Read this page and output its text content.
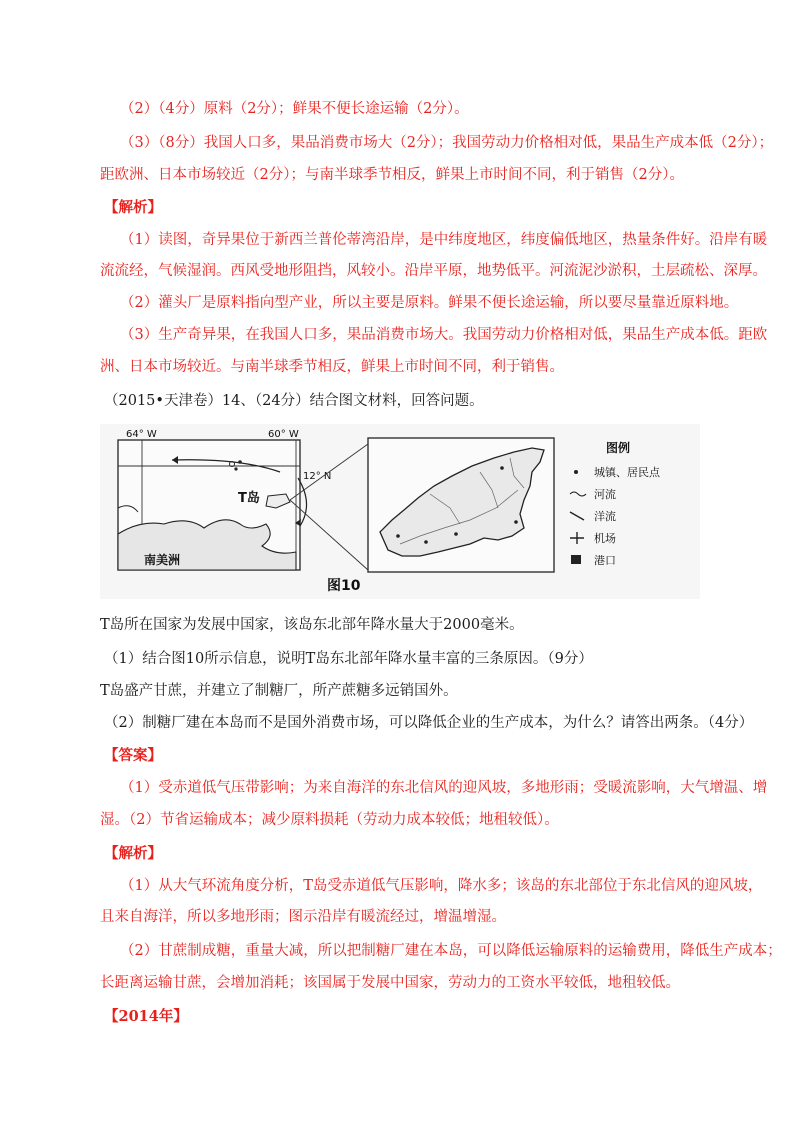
（2）（4分）原料（2分）；鲜果不便长途运输（2分）。
（3）（8分）我国人口多，果品消费市场大（2分）；我国劳动力价格相对低，果品生产成本低（2分）；
距欧洲、日本市场较近（2分）；与南半球季节相反，鲜果上市时间不同，利于销售（2分）。
【解析】
（1）读图，奇异果位于新西兰普伦蒂湾沿岸，是中纬度地区，纬度偏低地区，热量条件好。沿岸有暖
流流经，气候湿润。西风受地形阻挡，风较小。沿岸平原，地势低平。河流泥沙淤积，土层疏松、深厚。
（2）灌头厂是原料指向型产业，所以主要是原料。鲜果不便长途运输，所以要尽量靠近原料地。
（3）生产奇异果，在我国人口多，果品消费市场大。我国劳动力价格相对低，果品生产成本低。距欧
洲、日本市场较近。与南半球季节相反，鲜果上市时间不同，利于销售。
（2015•天津卷）14、（24分）结合图文材料，回答问题。
64° W	60° W
12° N
T岛
南美洲
图例
城镇、居民点
河流
洋流
机场
港口
图10
T岛所在国家为发展中国家，该岛东北部年降水量大于2000毫米。
（1）结合图10所示信息，说明T岛东北部年降水量丰富的三条原因。（9分）
T岛盛产甘蔗，并建立了制糖厂，所产蔗糖多远销国外。
（2）制糖厂建在本岛而不是国外消费市场，可以降低企业的生产成本，为什么？请答出两条。（4分）
【答案】
（1）受赤道低气压带影响；为来自海洋的东北信风的迎风坡，多地形雨；受暖流影响，大气增温、增
湿。（2）节省运输成本；减少原料损耗（劳动力成本较低；地租较低）。
【解析】
（1）从大气环流角度分析，T岛受赤道低气压影响，降水多；该岛的东北部位于东北信风的迎风坡，
且来自海洋，所以多地形雨；图示沿岸有暖流经过，增温增湿。
（2）甘蔗制成糖，重量大减，所以把制糖厂建在本岛，可以降低运输原料的运输费用，降低生产成本；
长距离运输甘蔗，会增加消耗；该国属于发展中国家，劳动力的工资水平较低，地租较低。
【2014年】
